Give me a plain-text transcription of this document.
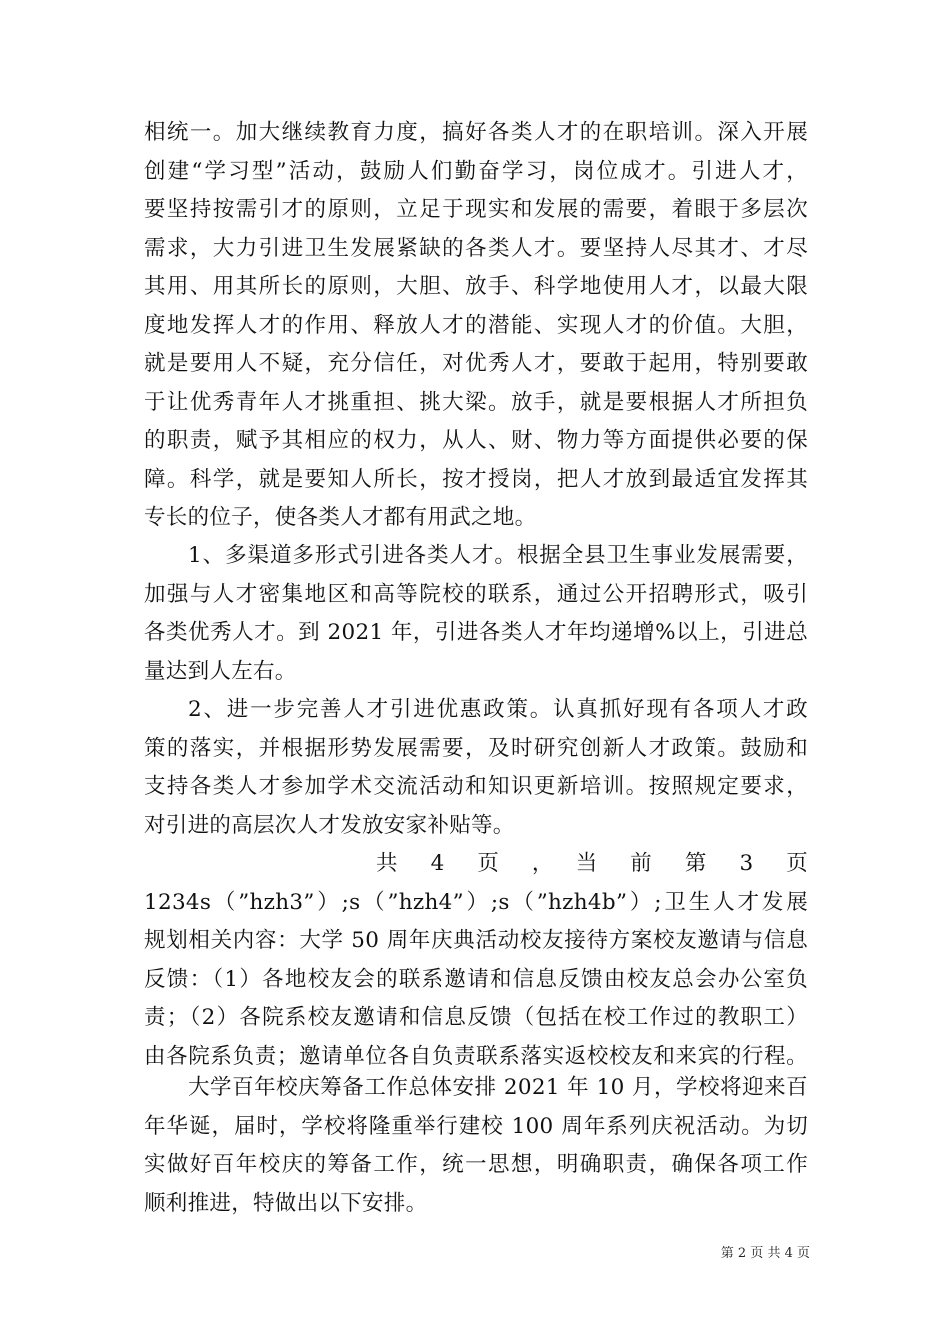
相统一。加大继续教育力度，搞好各类人才的在职培训。深入开展
创建“学习型”活动，鼓励人们勤奋学习，岗位成才。引进人才，
要坚持按需引才的原则，立足于现实和发展的需要，着眼于多层次
需求，大力引进卫生发展紧缺的各类人才。要坚持人尽其才、才尽
其用、用其所长的原则，大胆、放手、科学地使用人才，以最大限
度地发挥人才的作用、释放人才的潜能、实现人才的价值。大胆，
就是要用人不疑，充分信任，对优秀人才，要敢于起用，特别要敢
于让优秀青年人才挑重担、挑大梁。放手，就是要根据人才所担负
的职责，赋予其相应的权力，从人、财、物力等方面提供必要的保
障。科学，就是要知人所长，按才授岗，把人才放到最适宜发挥其
专长的位子，使各类人才都有用武之地。
1、多渠道多形式引进各类人才。根据全县卫生事业发展需要，
加强与人才密集地区和高等院校的联系，通过公开招聘形式，吸引
各类优秀人才。到 2021 年，引进各类人才年均递增%以上，引进总
量达到人左右。
2、进一步完善人才引进优惠政策。认真抓好现有各项人才政
策的落实，并根据形势发展需要，及时研究创新人才政策。鼓励和
支持各类人才参加学术交流活动和知识更新培训。按照规定要求，
对引进的高层次人才发放安家补贴等。
共　4　页　，　当　前　第　3　页
1234s（”hzh3”）;s（”hzh4”）;s（”hzh4b”）;卫生人才发展
规划相关内容：大学 50 周年庆典活动校友接待方案校友邀请与信息
反馈：（1）各地校友会的联系邀请和信息反馈由校友总会办公室负
责；（2）各院系校友邀请和信息反馈（包括在校工作过的教职工）
由各院系负责；邀请单位各自负责联系落实返校校友和来宾的行程。
大学百年校庆筹备工作总体安排 2021 年 10 月，学校将迎来百
年华诞，届时，学校将隆重举行建校 100 周年系列庆祝活动。为切
实做好百年校庆的筹备工作，统一思想，明确职责，确保各项工作
顺利推进，特做出以下安排。
第 2 页 共 4 页
